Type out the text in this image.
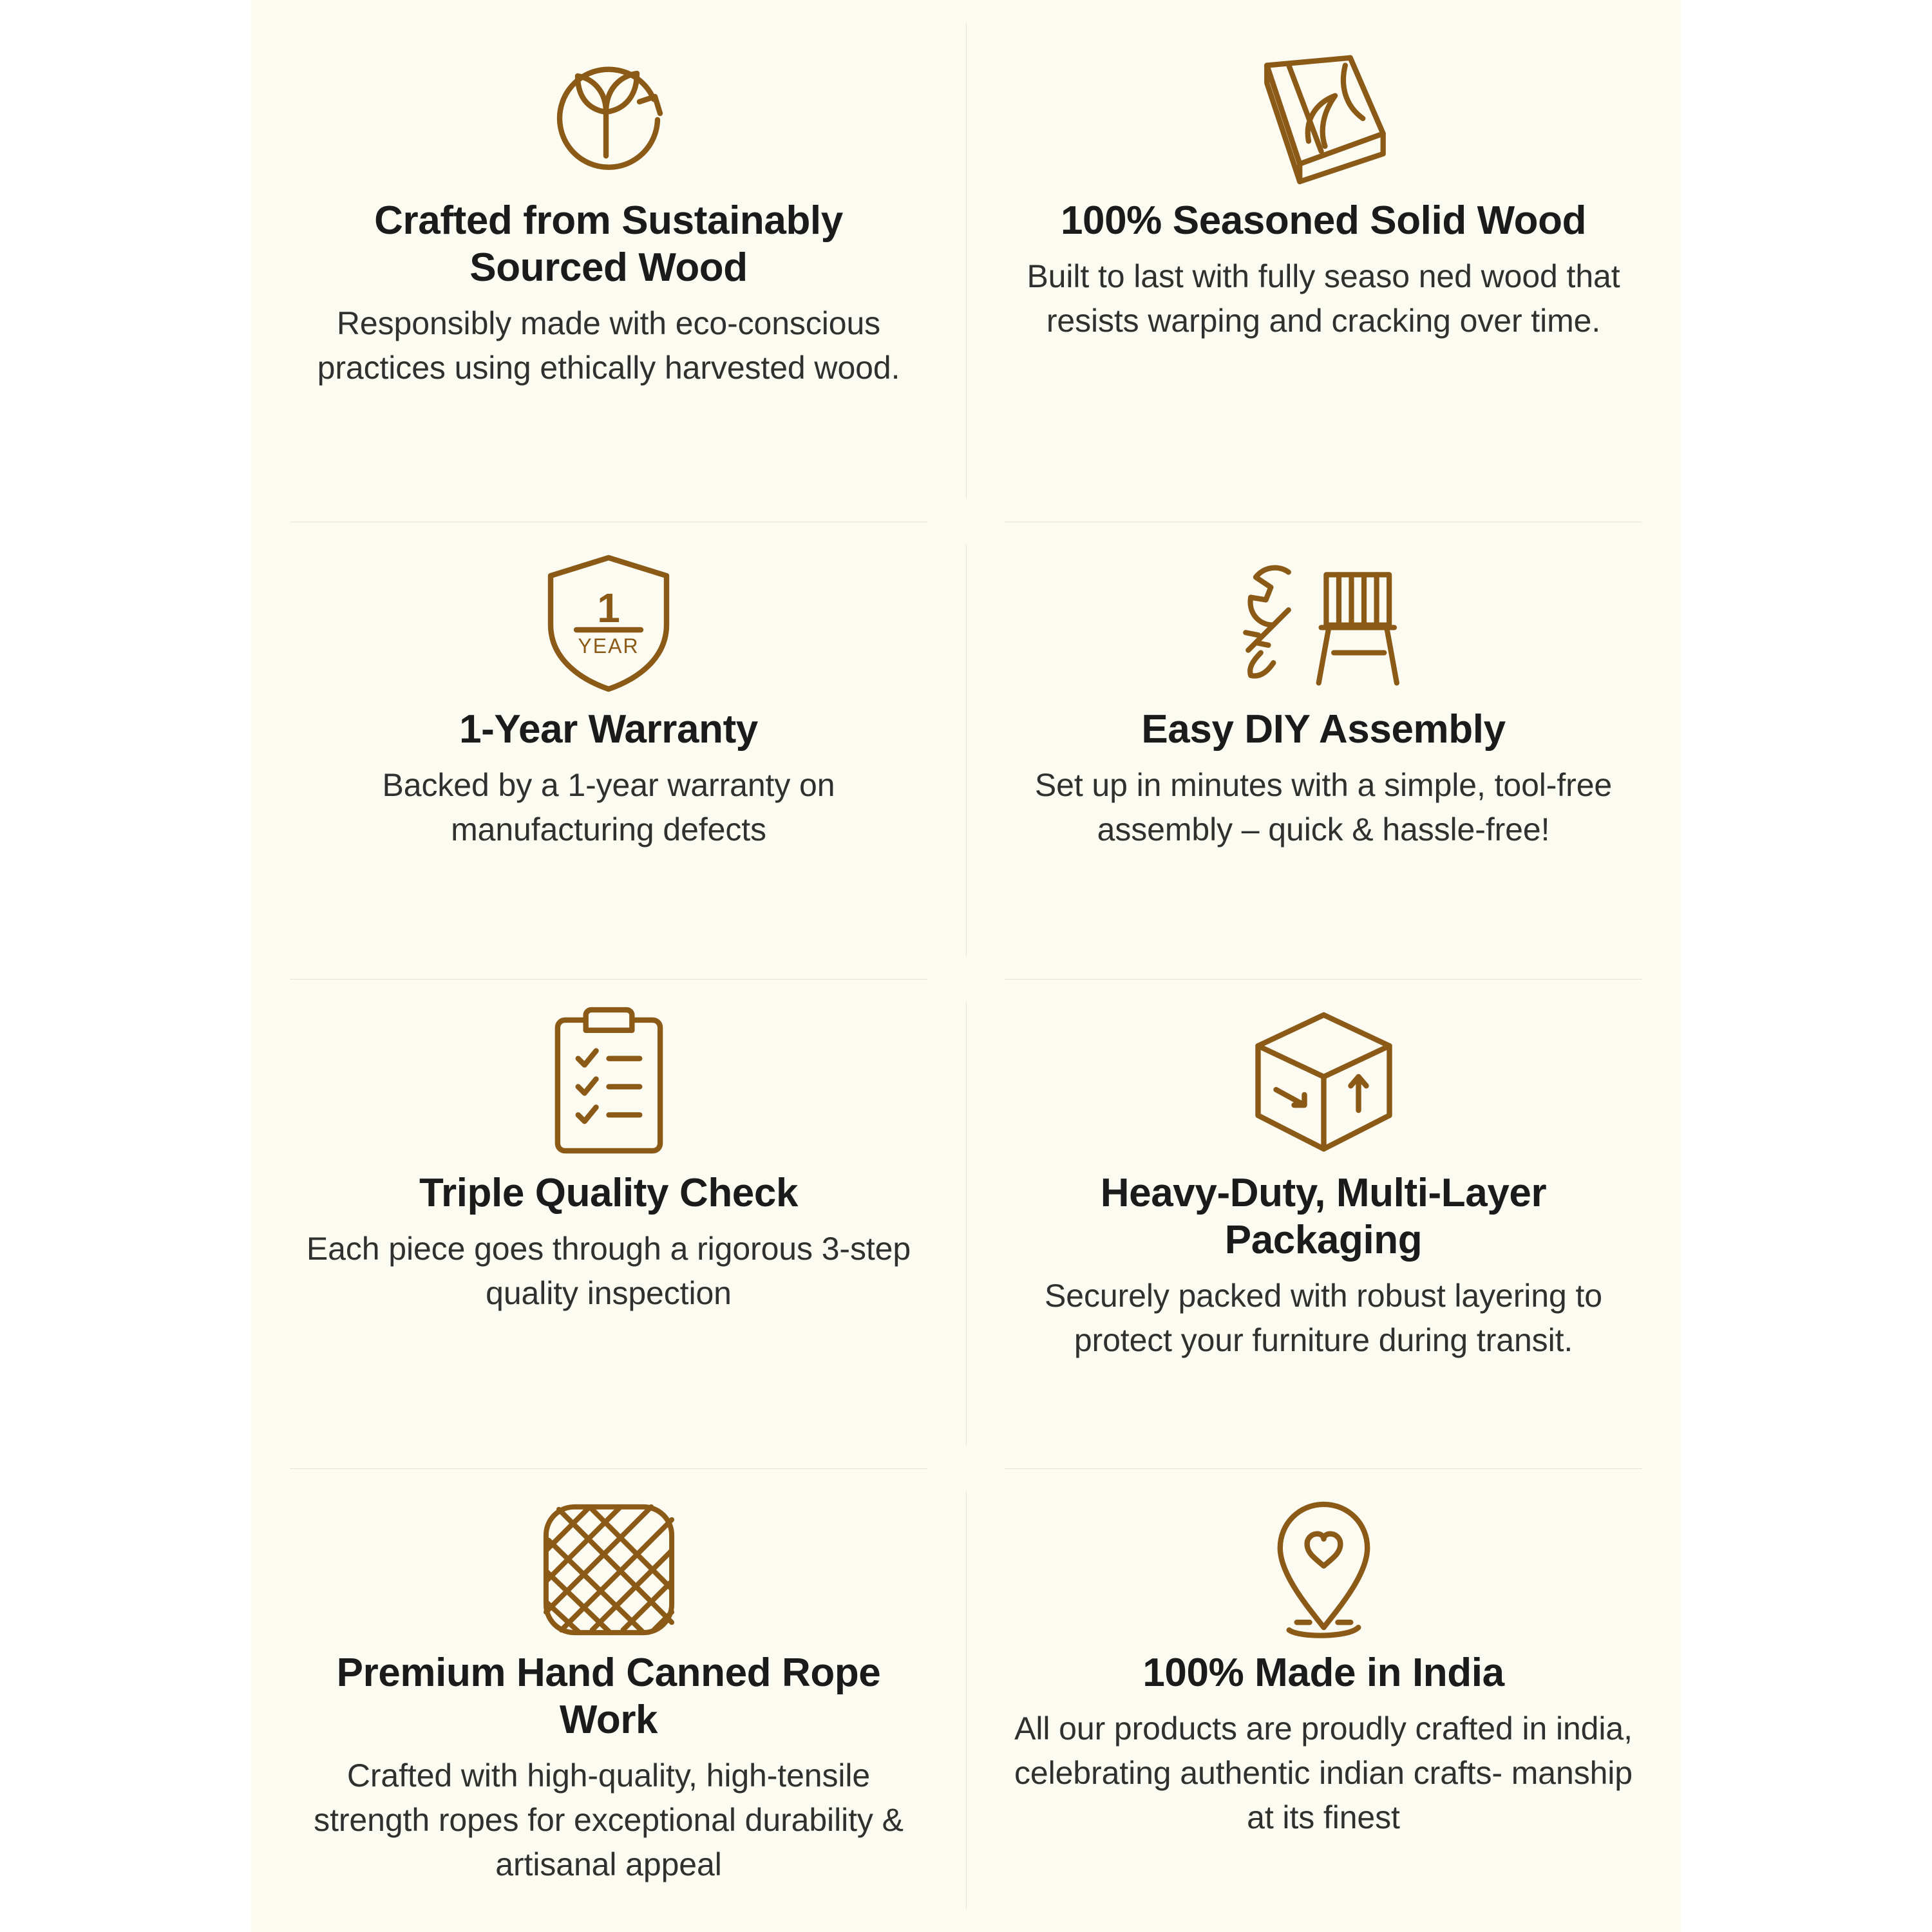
Crafted from Sustainably Sourced Wood

Responsibly made with eco-conscious practices using ethically harvested wood.

100% Seasoned Solid Wood

Built to last with fully seaso ned wood that resists warping and cracking over time.

1
YEAR
1-Year Warranty

Backed by a 1-year warranty on manufacturing defects

Easy DIY Assembly

Set up in minutes with a simple, tool-free assembly – quick & hassle-free!

Triple Quality Check

Each piece goes through a rigorous 3-step quality inspection

Heavy-Duty, Multi-Layer Packaging

Securely packed with robust layering to protect your furniture during transit.

Premium Hand Canned Rope Work

Crafted with high-quality, high-tensile strength ropes for exceptional durability & artisanal appeal

100% Made in India

All our products are proudly crafted in india, celebrating authentic indian crafts- manship at its finest
